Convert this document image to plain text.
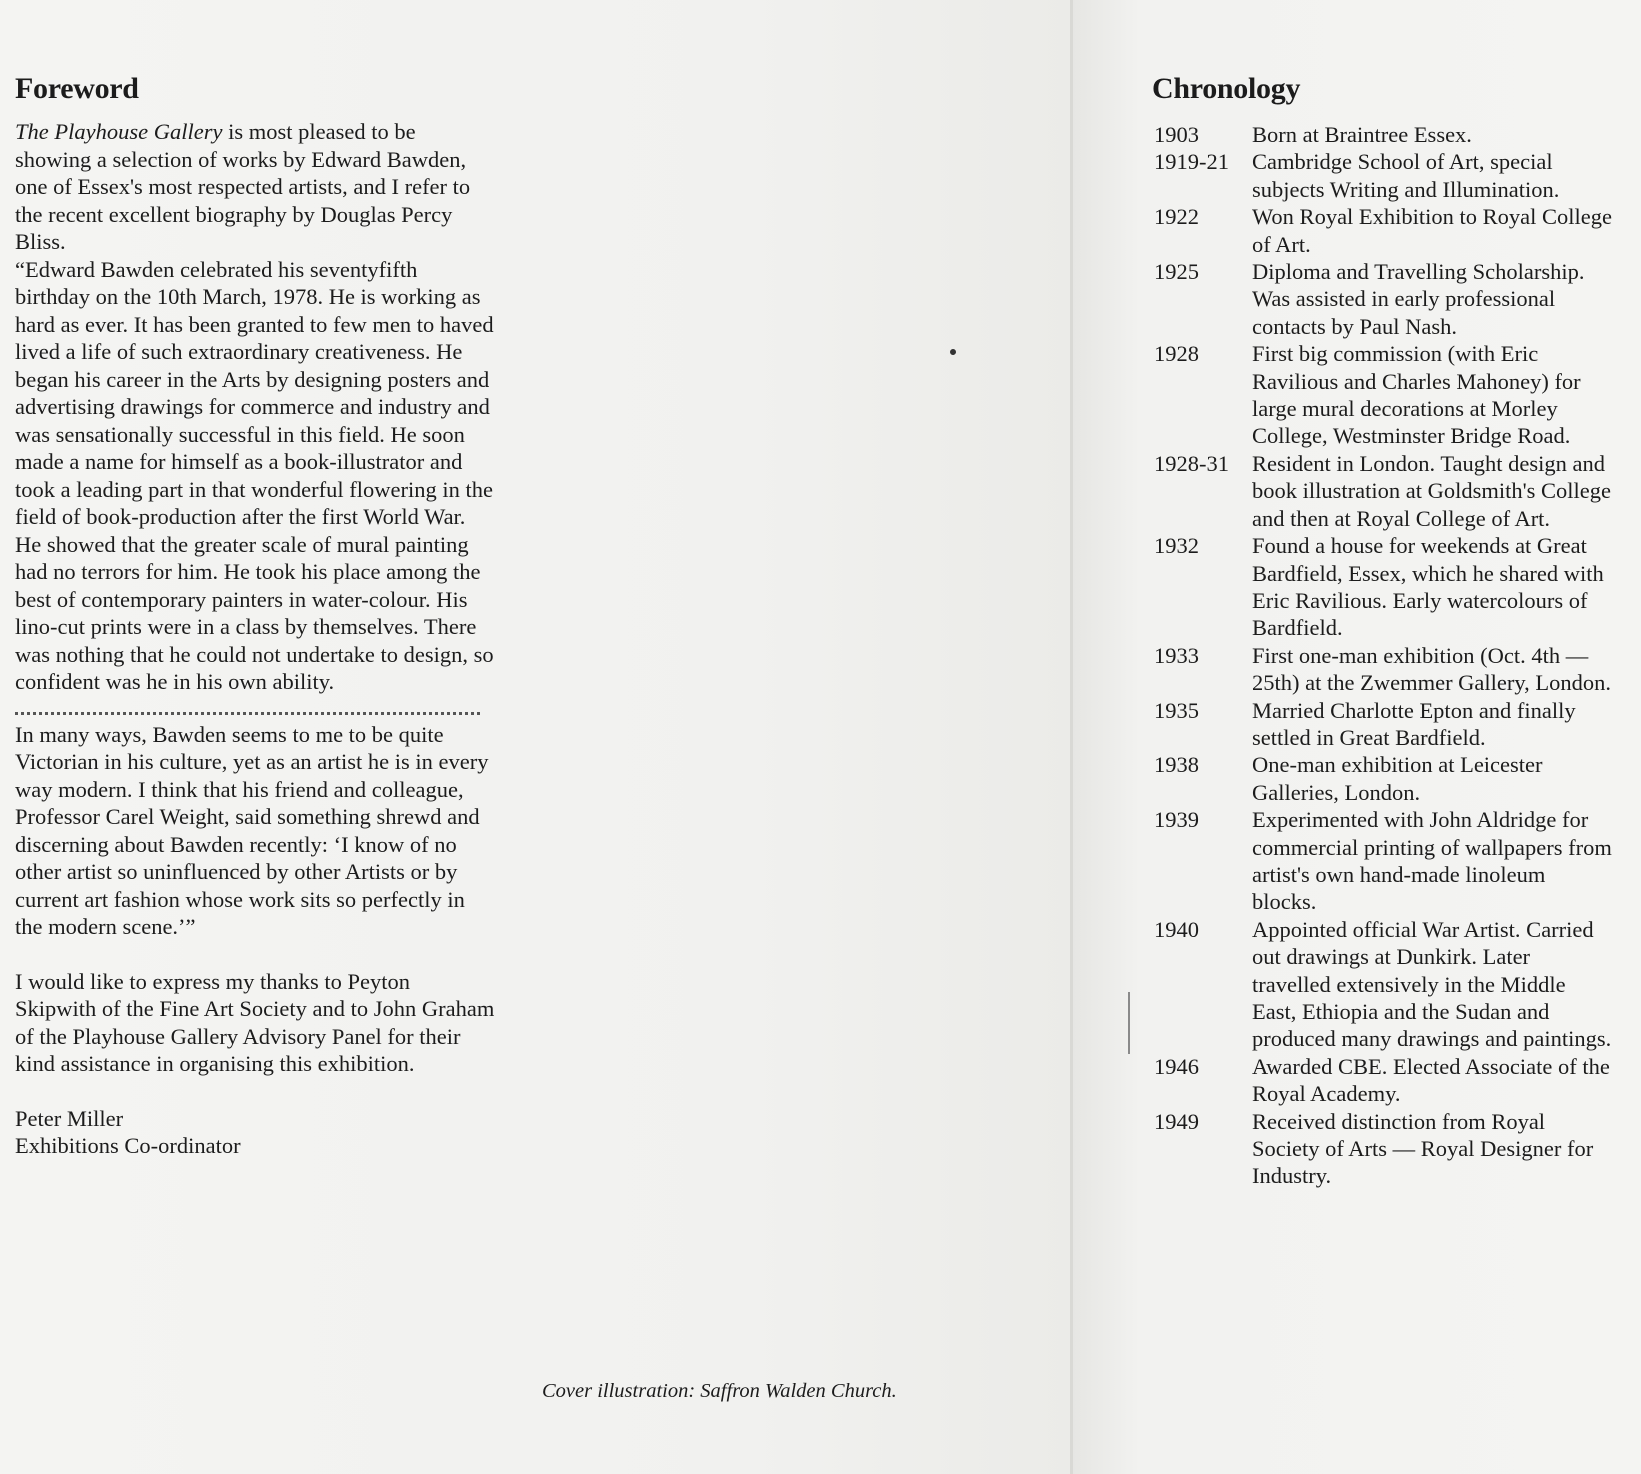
Foreword

The Playhouse Gallery is most pleased to be showing a selection of works by Edward Bawden, one of Essex's most respected artists, and I refer to the recent excellent biography by Douglas Percy Bliss.

“Edward Bawden celebrated his seventyfifth birthday on the 10th March, 1978. He is working as hard as ever. It has been granted to few men to haved lived a life of such extraordinary creativeness. He began his career in the Arts by designing posters and advertising drawings for commerce and industry and was sensationally successful in this field. He soon made a name for himself as a book-illustrator and took a leading part in that wonderful flowering in the field of book-production after the first World War. He showed that the greater scale of mural painting had no terrors for him. He took his place among the best of contemporary painters in water-colour. His lino-cut prints were in a class by themselves. There was nothing that he could not undertake to design, so confident was he in his own ability.

In many ways, Bawden seems to me to be quite Victorian in his culture, yet as an artist he is in every way modern. I think that his friend and colleague, Professor Carel Weight, said something shrewd and discerning about Bawden recently: ‘I know of no other artist so uninfluenced by other Artists or by current art fashion whose work sits so perfectly in the modern scene.’”

I would like to express my thanks to Peyton Skipwith of the Fine Art Society and to John Graham of the Playhouse Gallery Advisory Panel for their kind assistance in organising this exhibition.

Peter Miller
Exhibitions Co-ordinator
Cover illustration: Saffron Walden Church.
Chronology
1903	Born at Braintree Essex.
1919-21	Cambridge School of Art, special subjects Writing and Illumination.
1922	Won Royal Exhibition to Royal College of Art.
1925	Diploma and Travelling Scholarship.
Was assisted in early professional contacts by Paul Nash.
1928	First big commission (with Eric Ravilious and Charles Mahoney) for large mural decorations at Morley College, Westminster Bridge Road.
1928-31	Resident in London. Taught design and book illustration at Goldsmith's College and then at Royal College of Art.
1932	Found a house for weekends at Great Bardfield, Essex, which he shared with Eric Ravilious. Early watercolours of Bardfield.
1933	First one-man exhibition (Oct. 4th — 25th) at the Zwemmer Gallery, London.
1935	Married Charlotte Epton and finally settled in Great Bardfield.
1938	One-man exhibition at Leicester Galleries, London.
1939	Experimented with John Aldridge for commercial printing of wallpapers from artist's own hand-made linoleum blocks.
1940	Appointed official War Artist. Carried out drawings at Dunkirk. Later travelled extensively in the Middle East, Ethiopia and the Sudan and produced many drawings and paintings.
1946	Awarded CBE. Elected Associate of the Royal Academy.
1949	Received distinction from Royal Society of Arts — Royal Designer for Industry.
